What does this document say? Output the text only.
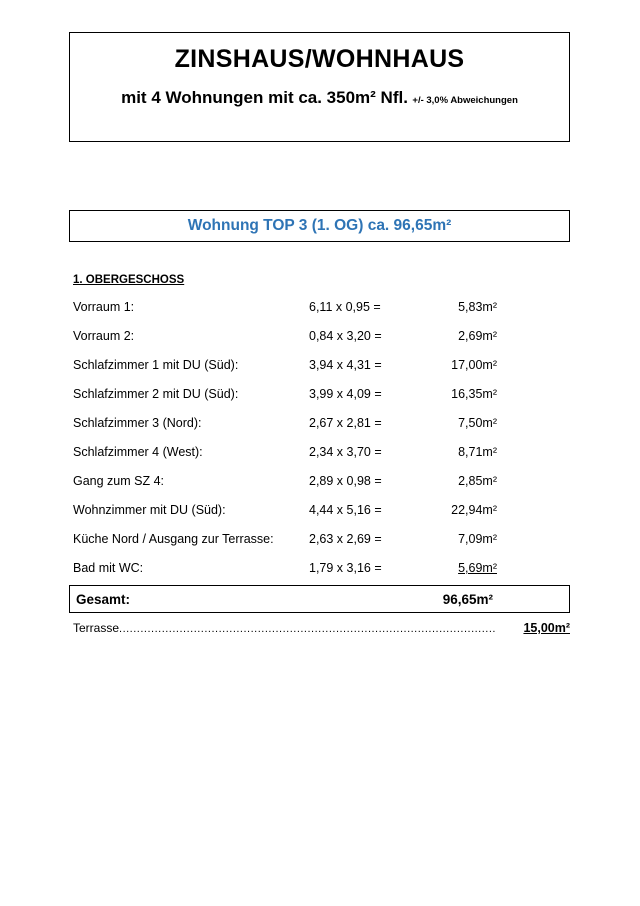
ZINSHAUS/WOHNHAUS
mit 4 Wohnungen mit ca. 350m² Nfl. +/- 3,0% Abweichungen
Wohnung TOP 3 (1. OG) ca. 96,65m²
1. OBERGESCHOSS
Vorraum 1:	6,11 x 0,95 =	5,83m²
Vorraum 2:	0,84 x 3,20 =	2,69m²
Schlafzimmer 1 mit DU (Süd):	3,94 x 4,31 =	17,00m²
Schlafzimmer 2 mit DU (Süd):	3,99 x 4,09 =	16,35m²
Schlafzimmer 3 (Nord):	2,67 x 2,81 =	7,50m²
Schlafzimmer 4 (West):	2,34 x 3,70 =	8,71m²
Gang zum SZ 4:	2,89 x 0,98 =	2,85m²
Wohnzimmer mit DU (Süd):	4,44 x 5,16 =	22,94m²
Küche Nord / Ausgang zur Terrasse:	2,63 x 2,69 =	7,09m²
Bad mit WC:	1,79 x 3,16 =	5,69m²
Gesamt:	96,65m²
Terrasse ..........................................................................................................	15,00m²
